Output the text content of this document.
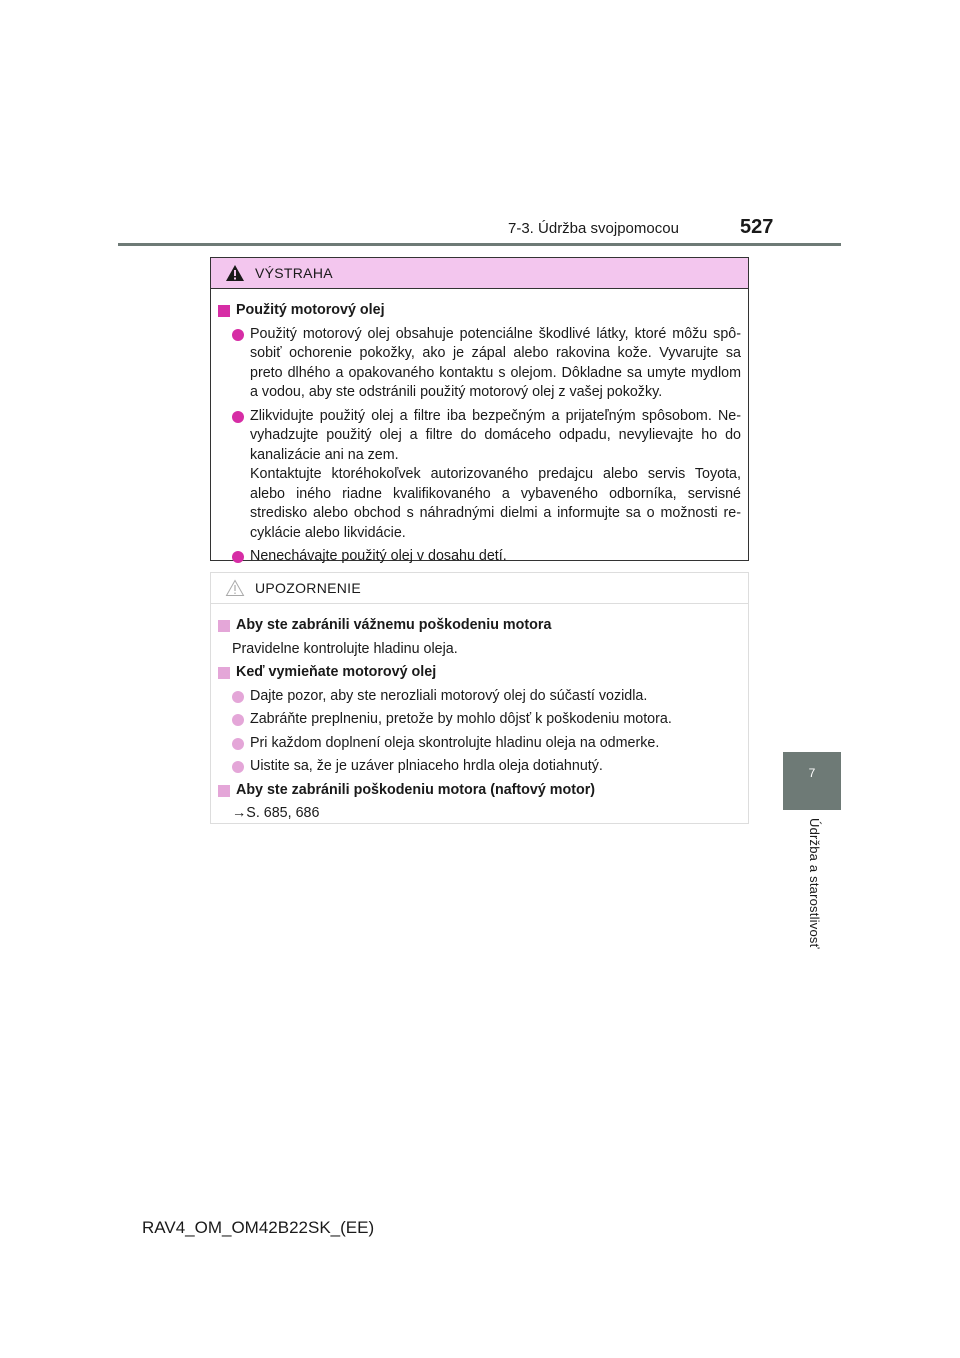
7-3. Údržba svojpomocou	527
7
Údržba a starostlivosť
VÝSTRAHA
Použitý motorový olej
Použitý motorový olej obsahuje potenciálne škodlivé látky, ktoré môžu spô-sobiť ochorenie pokožky, ako je zápal alebo rakovina kože. Vyvarujte sa preto dlhého a opakovaného kontaktu s olejom. Dôkladne sa umyte mydlom a vodou, aby ste odstránili použitý motorový olej z vašej pokožky.
Zlikvidujte použitý olej a filtre iba bezpečným a prijateľným spôsobom. Ne-vyhadzujte použitý olej a filtre do domáceho odpadu, nevylievajte ho do kanalizácie ani na zem.
Kontaktujte ktoréhokoľvek autorizovaného predajcu alebo servis Toyota, alebo iného riadne kvalifikovaného a vybaveného odborníka, servisné stredisko alebo obchod s náhradnými dielmi a informujte sa o možnosti re-cyklácie alebo likvidácie.
Nenechávajte použitý olej v dosahu detí.
UPOZORNENIE
Aby ste zabránili vážnemu poškodeniu motora
Pravidelne kontrolujte hladinu oleja.
Keď vymieňate motorový olej
Dajte pozor, aby ste nerozliali motorový olej do súčastí vozidla.
Zabráňte preplneniu, pretože by mohlo dôjsť k poškodeniu motora.
Pri každom doplnení oleja skontrolujte hladinu oleja na odmerke.
Uistite sa, že je uzáver plniaceho hrdla oleja dotiahnutý.
Aby ste zabránili poškodeniu motora (naftový motor)
→S. 685, 686
RAV4_OM_OM42B22SK_(EE)
